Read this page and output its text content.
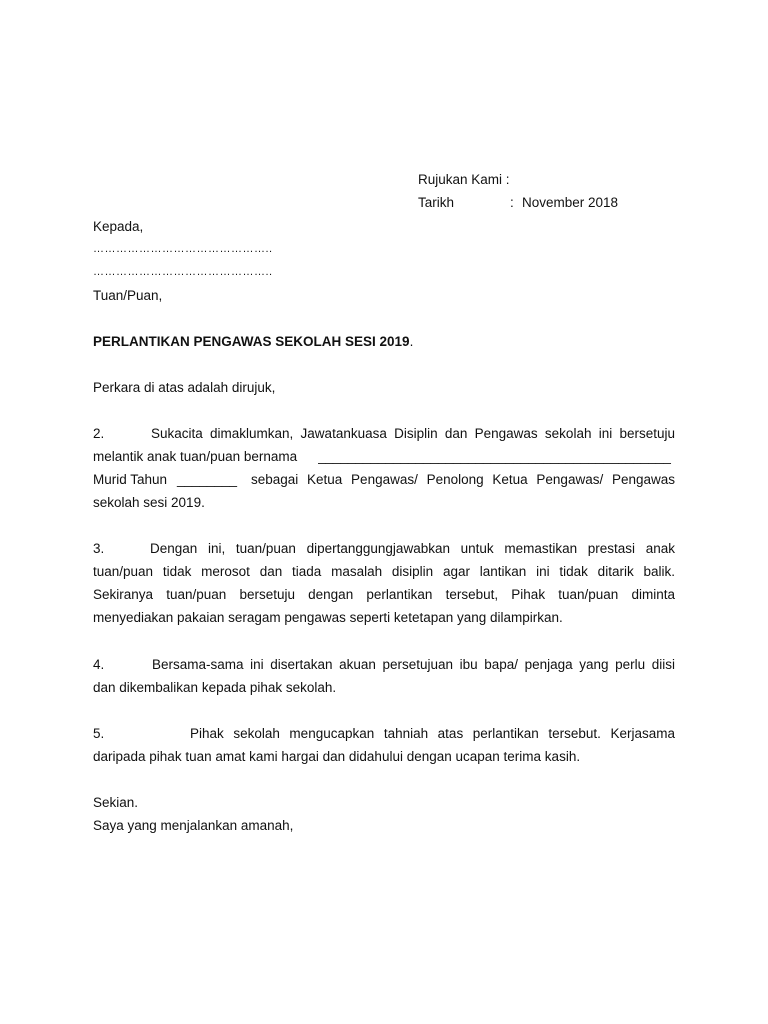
Rujukan Kami :
Tarikh	: November 2018
Kepada,
………………………………………..
………………………………………..
Tuan/Puan,
PERLANTIKAN PENGAWAS SEKOLAH SESI 2019.
Perkara di atas adalah dirujuk,
2.	Sukacita dimaklumkan, Jawatankuasa Disiplin dan Pengawas sekolah ini bersetuju
melantik anak tuan/puan bernama _______________________________________________
Murid Tahun ________ sebagai Ketua Pengawas/ Penolong Ketua Pengawas/ Pengawas
sekolah sesi 2019.
3.	Dengan ini, tuan/puan dipertanggungjawabkan untuk memastikan prestasi anak
tuan/puan tidak merosot dan tiada masalah disiplin agar lantikan ini tidak ditarik balik.
Sekiranya tuan/puan bersetuju dengan perlantikan tersebut, Pihak tuan/puan diminta
menyediakan pakaian seragam pengawas seperti ketetapan yang dilampirkan.
4.	Bersama-sama ini disertakan akuan persetujuan ibu bapa/ penjaga yang perlu diisi
dan dikembalikan kepada pihak sekolah.
5.	Pihak sekolah mengucapkan tahniah atas perlantikan tersebut. Kerjasama
daripada pihak tuan amat kami hargai dan didahului dengan ucapan terima kasih.
Sekian.
Saya yang menjalankan amanah,
